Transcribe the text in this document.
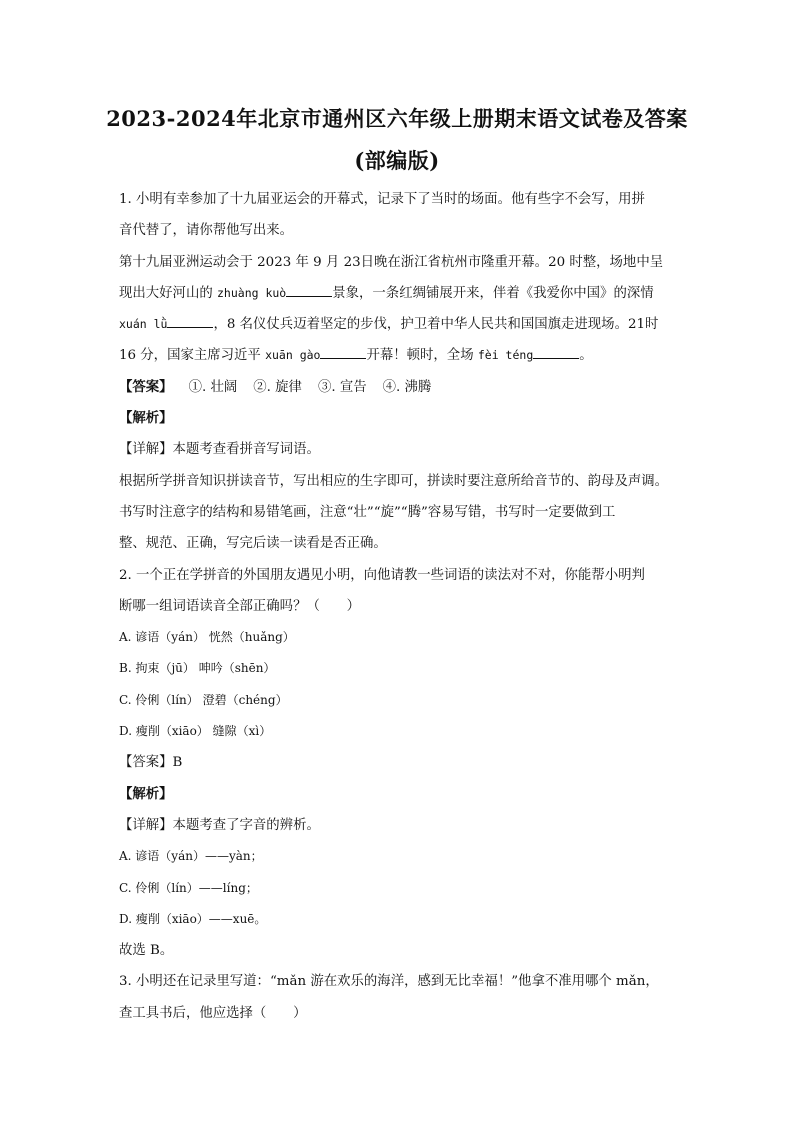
2023-2024年北京市通州区六年级上册期末语文试卷及答案
(部编版)
1. 小明有幸参加了十九届亚运会的开幕式，记录下了当时的场面。他有些字不会写，用拼
音代替了，请你帮他写出来。
第十九届亚洲运动会于 2023 年 9 月 23日晚在浙江省杭州市隆重开幕。20 时整，场地中呈
现出大好河山的 zhuàng kuò	景象，一条红绸铺展开来，伴着《我爱你中国》的深情
xuán lǜ	，8 名仪仗兵迈着坚定的步伐，护卫着中华人民共和国国旗走进现场。21时
16 分，国家主席习近平 xuān gào	开幕！顿时，全场 fèi téng	。
【答案】 ①. 壮阔 ②. 旋律 ③. 宣告 ④. 沸腾
【解析】
【详解】本题考查看拼音写词语。
根据所学拼音知识拼读音节，写出相应的生字即可，拼读时要注意所给音节的、韵母及声调。
书写时注意字的结构和易错笔画，注意“壮”“旋”“腾”容易写错，书写时一定要做到工
整、规范、正确，写完后读一读看是否正确。
2. 一个正在学拼音的外国朋友遇见小明，向他请教一些词语的读法对不对，你能帮小明判
断哪一组词语读音全部正确吗？（　　）
A. 谚语（yán） 恍然（huǎng）
B. 拘束（jū） 呻吟（shēn）
C. 伶俐（lín） 澄碧（chéng）
D. 瘦削（xiāo） 缝隙（xì）
【答案】B
【解析】
【详解】本题考查了字音的辨析。
A. 谚语（yán）——yàn；
C. 伶俐（lín）——líng；
D. 瘦削（xiāo）——xuē。
故选 B。
3. 小明还在记录里写道：“mǎn 游在欢乐的海洋，感到无比幸福！”他拿不准用哪个 mǎn，
查工具书后，他应选择（　　）
